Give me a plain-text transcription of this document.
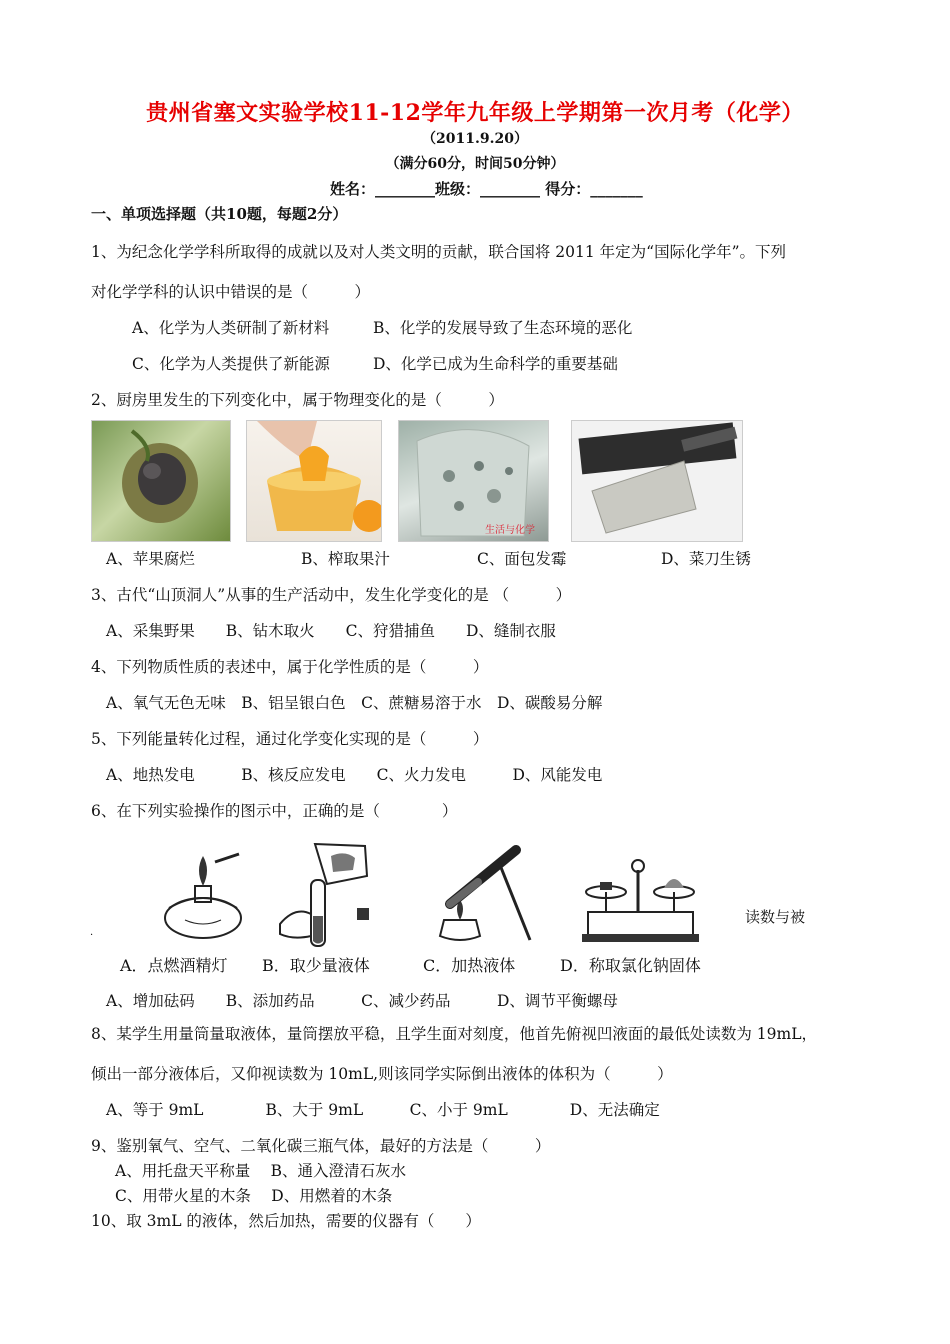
贵州省塞文实验学校11-12学年九年级上学期第一次月考（化学）
（2011.9.20）
（满分60分，时间50分钟）
姓名：________班级：________ 得分：_______
一、单项选择题（共10题，每题2分）
1、为纪念化学学科所取得的成就以及对人类文明的贡献，联合国将 2011 年定为“国际化学年”。下列
对化学学科的认识中错误的是（　　　）
A、化学为人类研制了新材料	B、化学的发展导致了生态环境的恶化
C、化学为人类提供了新能源	D、化学已成为生命科学的重要基础
2、厨房里发生的下列变化中，属于物理变化的是（　　　）
生活与化学
A、苹果腐烂	B、榨取果汁	C、面包发霉	D、菜刀生锈
3、古代“山顶洞人”从事的生产活动中，发生化学变化的是 （　　　）
A、采集野果　　B、钻木取火　　C、狩猎捕鱼　　D、缝制衣服
4、下列物质性质的表述中，属于化学性质的是（　　　）
A、氧气无色无味　B、铝呈银白色　C、蔗糖易溶于水　D、碳酸易分解
5、下列能量转化过程，通过化学变化实现的是（　　　）
A、地热发电　　　B、核反应发电　　C、火力发电　　　D、风能发电
6、在下列实验操作的图示中，正确的是（　　　　）
‍读数与被
·
A．点燃酒精灯 B．取少量液体	C．加热液体	D．称取氯化钠固体
A、增加砝码　　B、添加药品　　　C、减少药品　　　D、调节平衡螺母
8、某学生用量筒量取液体，量筒摆放平稳，且学生面对刻度，他首先俯视凹液面的最低处读数为 19mL，
倾出一部分液体后，又仰视读数为 10mL,则该同学实际倒出液体的体积为（　　　）
A、等于 9mL　　　　B、大于 9mL　　　C、小于 9mL　　　　D、无法确定
9、鉴别氧气、空气、二氧化碳三瓶气体，最好的方法是（　　　）
A、用托盘天平称量　 B、通入澄清石灰水
C、用带火星的木条　 D、用燃着的木条
10、取 3mL 的液体，然后加热，需要的仪器有（　　）
